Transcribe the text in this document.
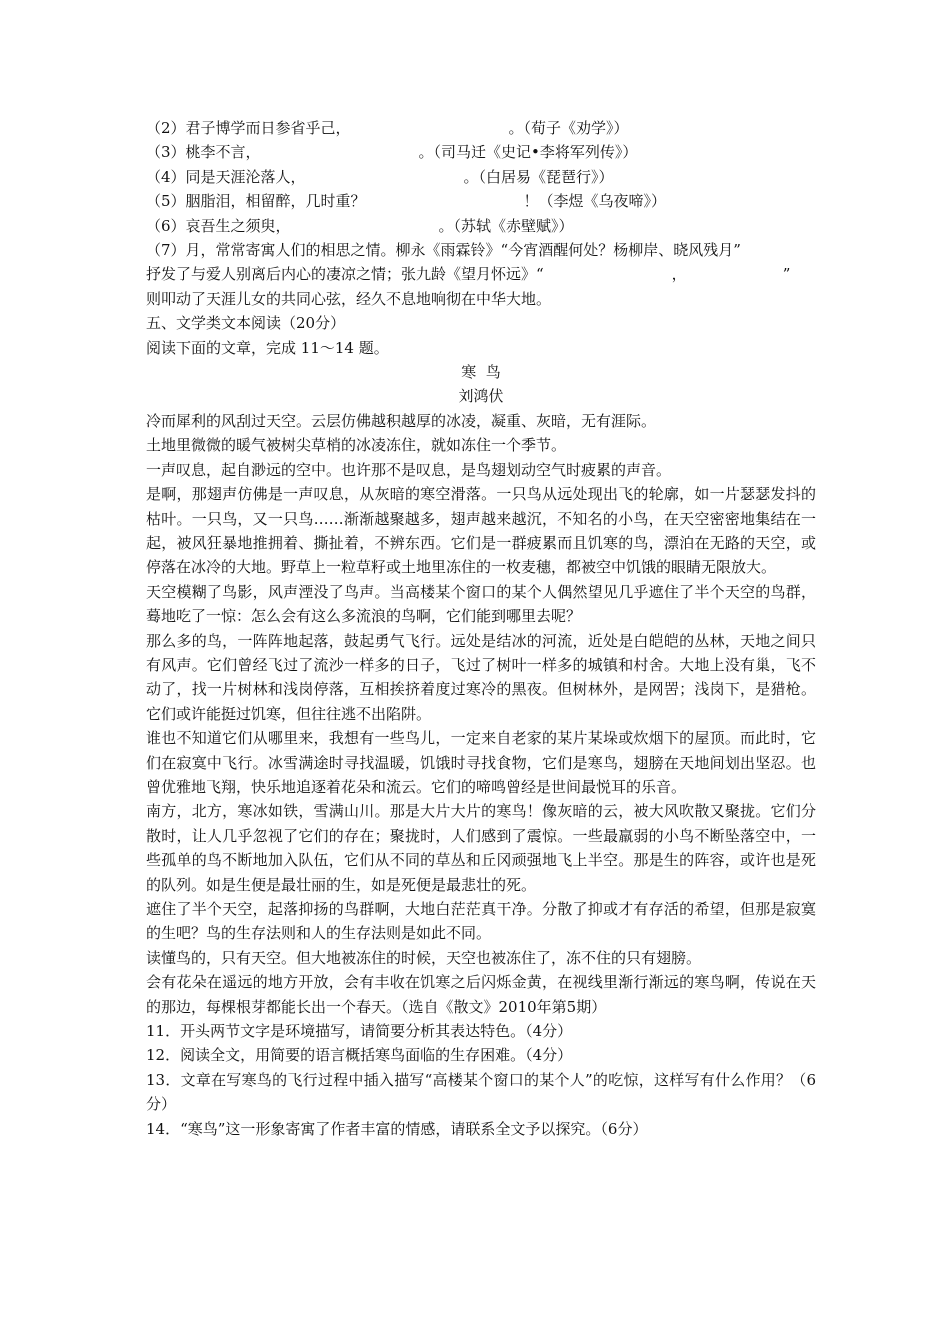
（2）君子博学而日参省乎己，	。（荀子《劝学》）
（3）桃李不言，	。（司马迁《史记•李将军列传》）
（4）同是天涯沦落人，	。（白居易《琵琶行》）
（5）胭脂泪，相留醉，几时重？	！（李煜《乌夜啼》）
（6）哀吾生之须臾，	。（苏轼《赤壁赋》）
（7）月，常常寄寓人们的相思之情。柳永《雨霖铃》“今宵酒醒何处？杨柳岸、晓风残月”
抒发了与爱人别离后内心的凄凉之情；张九龄《望月怀远》“	，	”
则叩动了天涯儿女的共同心弦，经久不息地响彻在中华大地。
五、文学类文本阅读（20分）
阅读下面的文章，完成 11～14 题。
寒  鸟
刘鸿伏

冷而犀利的风刮过天空。云层仿佛越积越厚的冰凌，凝重、灰暗，无有涯际。

土地里微微的暖气被树尖草梢的冰凌冻住，就如冻住一个季节。

一声叹息，起自渺远的空中。也许那不是叹息，是鸟翅划动空气时疲累的声音。

是啊，那翅声仿佛是一声叹息，从灰暗的寒空滑落。一只鸟从远处现出飞的轮廓，如一片瑟瑟发抖的枯叶。一只鸟，又一只鸟……渐渐越聚越多，翅声越来越沉，不知名的小鸟，在天空密密地集结在一起，被风狂暴地推拥着、撕扯着，不辨东西。它们是一群疲累而且饥寒的鸟，漂泊在无路的天空，或停落在冰冷的大地。野草上一粒草籽或土地里冻住的一枚麦穗，都被空中饥饿的眼睛无限放大。

天空模糊了鸟影，风声湮没了鸟声。当高楼某个窗口的某个人偶然望见几乎遮住了半个天空的鸟群，蓦地吃了一惊：怎么会有这么多流浪的鸟啊，它们能到哪里去呢？

那么多的鸟，一阵阵地起落，鼓起勇气飞行。远处是结冰的河流，近处是白皑皑的丛林，天地之间只有风声。它们曾经飞过了流沙一样多的日子，飞过了树叶一样多的城镇和村舍。大地上没有巢，飞不动了，找一片树林和浅岗停落，互相挨挤着度过寒冷的黑夜。但树林外，是网罟；浅岗下，是猎枪。它们或许能挺过饥寒，但往往逃不出陷阱。

谁也不知道它们从哪里来，我想有一些鸟儿，一定来自老家的某片某垛或炊烟下的屋顶。而此时，它们在寂寞中飞行。冰雪满途时寻找温暖，饥饿时寻找食物，它们是寒鸟，翅膀在天地间划出坚忍。也曾优雅地飞翔，快乐地追逐着花朵和流云。它们的啼鸣曾经是世间最悦耳的乐音。

南方，北方，寒冰如铁，雪满山川。那是大片大片的寒鸟！像灰暗的云，被大风吹散又聚拢。它们分散时，让人几乎忽视了它们的存在；聚拢时，人们感到了震惊。一些最羸弱的小鸟不断坠落空中，一些孤单的鸟不断地加入队伍，它们从不同的草丛和丘冈顽强地飞上半空。那是生的阵容，或许也是死的队列。如是生便是最壮丽的生，如是死便是最悲壮的死。

遮住了半个天空，起落抑扬的鸟群啊，大地白茫茫真干净。分散了抑或才有存活的希望，但那是寂寞的生吧？鸟的生存法则和人的生存法则是如此不同。

读懂鸟的，只有天空。但大地被冻住的时候，天空也被冻住了，冻不住的只有翅膀。

会有花朵在遥远的地方开放，会有丰收在饥寒之后闪烁金黄，在视线里渐行渐远的寒鸟啊，传说在天的那边，每棵根芽都能长出一个春天。（选自《散文》2010年第5期）

11．开头两节文字是环境描写，请简要分析其表达特色。（4分）

12．阅读全文，用简要的语言概括寒鸟面临的生存困难。（4分）

13．文章在写寒鸟的飞行过程中插入描写“高楼某个窗口的某个人”的吃惊，这样写有什么作用？（6分）

14．“寒鸟”这一形象寄寓了作者丰富的情感，请联系全文予以探究。（6分）
